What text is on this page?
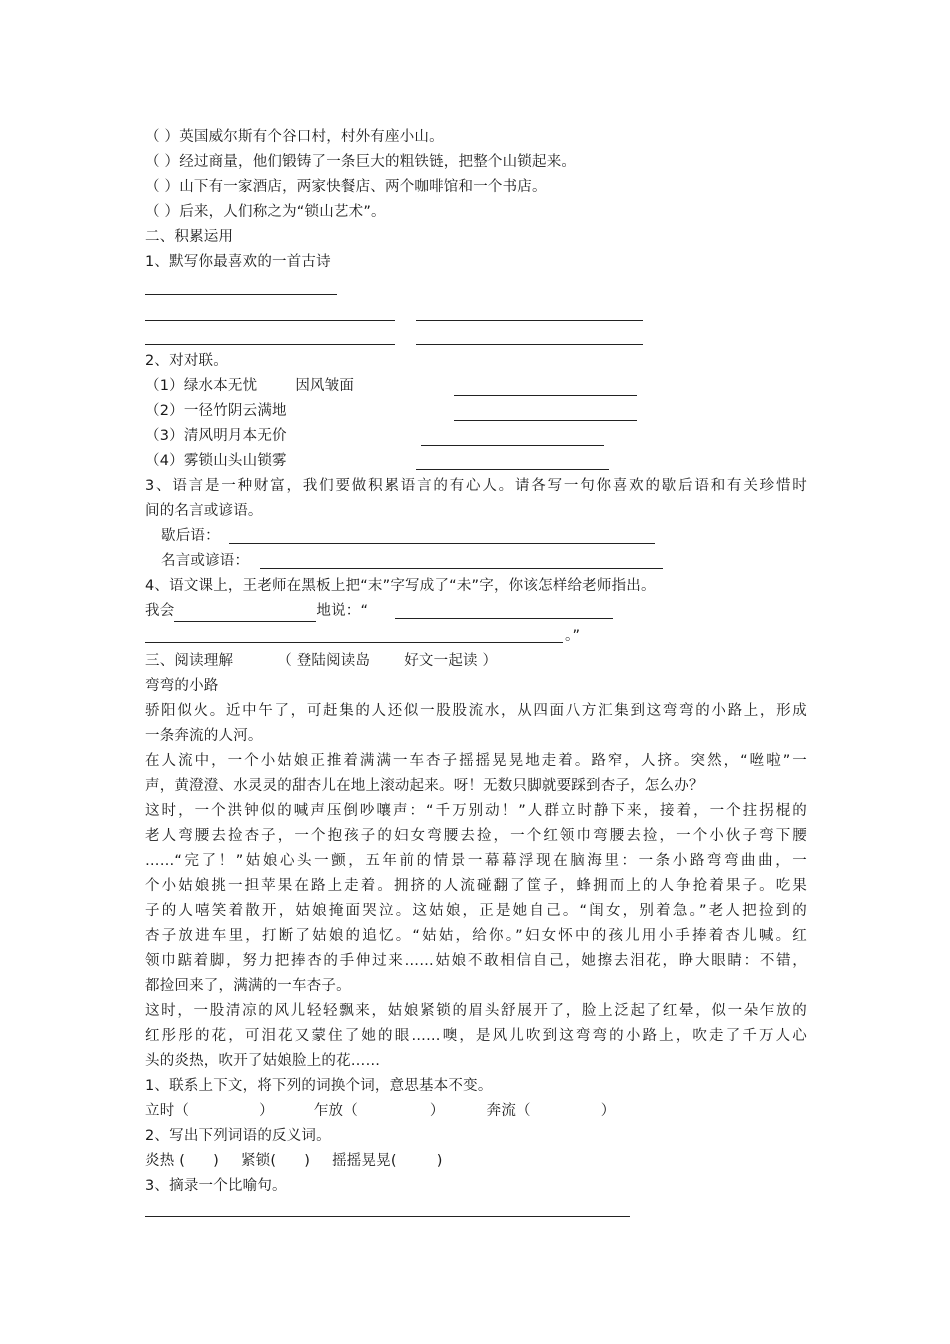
（ ）英国威尔斯有个谷口村，村外有座小山。
（ ）经过商量，他们锻铸了一条巨大的粗铁链，把整个山锁起来。
（ ）山下有一家酒店，两家快餐店、两个咖啡馆和一个书店。
（ ）后来，人们称之为“锁山艺术”。
二、积累运用
1、默写你最喜欢的一首古诗
2、对对联。
（1）绿水本无忧	因风皱面
（2）一径竹阴云满地
（3）清风明月本无价
（4）雾锁山头山锁雾
3、语言是一种财富，我们要做积累语言的有心人。请各写一句你喜欢的歇后语和有关珍惜时
间的名言或谚语。
歇后语：
名言或谚语：
4、语文课上，王老师在黑板上把“末”字写成了“未”字，你该怎样给老师指出。
我会	地说：“
。”
三、阅读理解	（ 登陆阅读岛 好文一起读 ）
弯弯的小路
骄阳似火。近中午了，可赶集的人还似一股股流水，从四面八方汇集到这弯弯的小路上，形成
一条奔流的人河。
在人流中，一个小姑娘正推着满满一车杏子摇摇晃晃地走着。路窄，人挤。突然，“咝啦”一
声，黄澄澄、水灵灵的甜杏儿在地上滚动起来。呀！无数只脚就要踩到杏子，怎么办？
这时，一个洪钟似的喊声压倒吵嚷声：“千万别动！”人群立时静下来，接着，一个拄拐棍的
老人弯腰去捡杏子，一个抱孩子的妇女弯腰去捡，一个红领巾弯腰去捡，一个小伙子弯下腰
……“完了！”姑娘心头一颤，五年前的情景一幕幕浮现在脑海里：一条小路弯弯曲曲，一
个小姑娘挑一担苹果在路上走着。拥挤的人流碰翻了筐子，蜂拥而上的人争抢着果子。吃果
子的人嘻笑着散开，姑娘掩面哭泣。这姑娘，正是她自己。“闺女，别着急。”老人把捡到的
杏子放进车里，打断了姑娘的追忆。“姑姑，给你。”妇女怀中的孩儿用小手捧着杏儿喊。红
领巾踮着脚，努力把捧杏的手伸过来……姑娘不敢相信自己，她擦去泪花，睁大眼睛：不错，
都捡回来了，满满的一车杏子。
这时，一股清凉的风儿轻轻飘来，姑娘紧锁的眉头舒展开了，脸上泛起了红晕，似一朵乍放的
红彤彤的花，可泪花又蒙住了她的眼……噢，是风儿吹到这弯弯的小路上，吹走了千万人心
头的炎热，吹开了姑娘脸上的花……
1、联系上下文，将下列的词换个词，意思基本不变。
立时（	）	乍放（	）	奔流（	）
2、写出下列词语的反义词。
炎热 ( ) 紧锁( ) 摇摇晃晃(	)
3、摘录一个比喻句。
